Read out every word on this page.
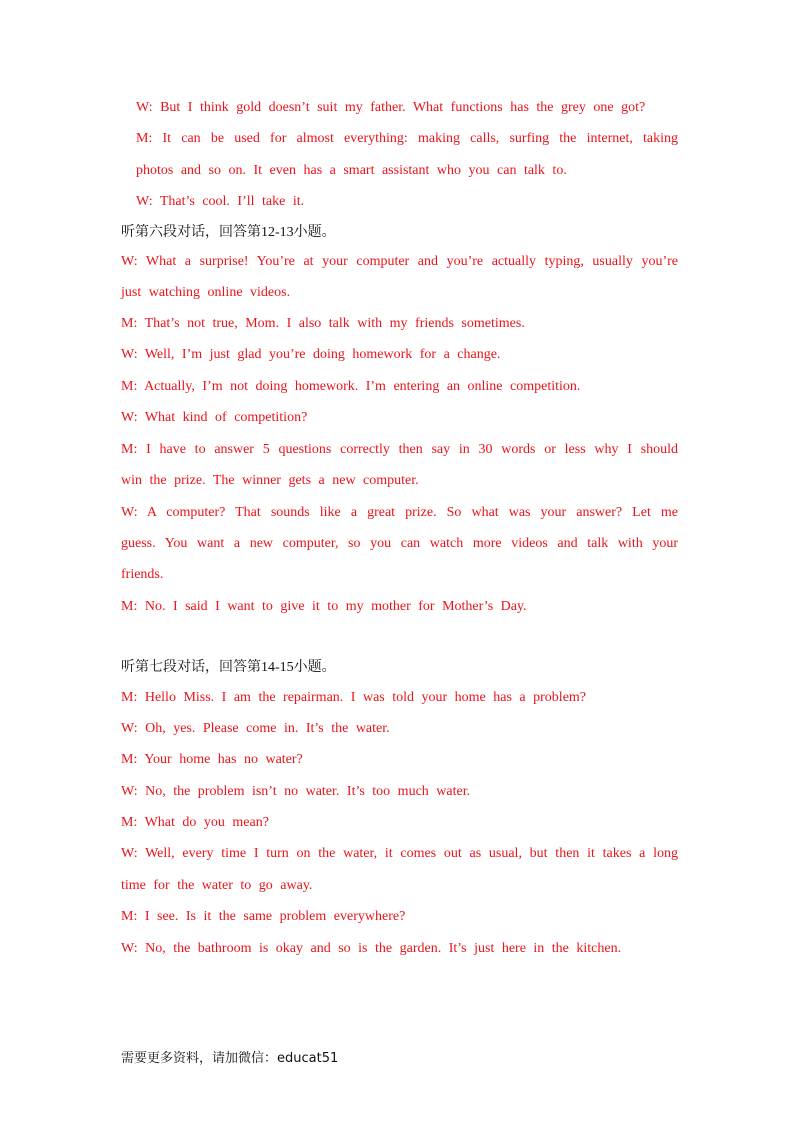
W: But I think gold doesn’t suit my father. What functions has the grey one got?
M: It can be used for almost everything: making calls, surfing the internet, taking
photos and so on. It even has a smart assistant who you can talk to.
W: That’s cool. I’ll take it.
听第六段对话，回答第12-13小题。
W: What a surprise! You’re at your computer and you’re actually typing, usually you’re
just watching online videos.
M: That’s not true, Mom. I also talk with my friends sometimes.
W: Well, I’m just glad you’re doing homework for a change.
M: Actually, I’m not doing homework. I’m entering an online competition.
W: What kind of competition?
M: I have to answer 5 questions correctly then say in 30 words or less why I should
win the prize. The winner gets a new computer.
W: A computer? That sounds like a great prize. So what was your answer? Let me
guess. You want a new computer, so you can watch more videos and talk with your
friends.
M: No. I said I want to give it to my mother for Mother’s Day.
听第七段对话，回答第14-15小题。
M: Hello Miss. I am the repairman. I was told your home has a problem?
W: Oh, yes. Please come in. It’s the water.
M: Your home has no water?
W: No, the problem isn’t no water. It’s too much water.
M: What do you mean?
W: Well, every time I turn on the water, it comes out as usual, but then it takes a long
time for the water to go away.
M: I see. Is it the same problem everywhere?
W: No, the bathroom is okay and so is the garden. It’s just here in the kitchen.
需要更多资料，请加微信：educat51
